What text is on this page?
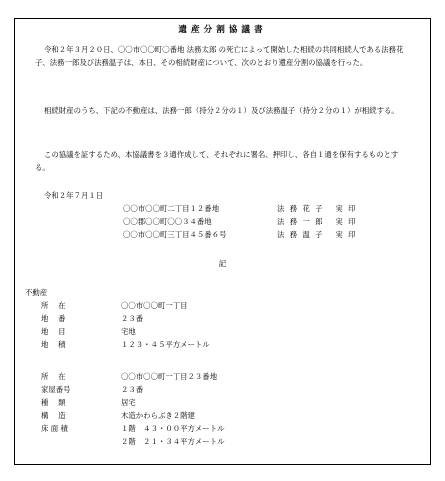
遺産分割協議書
令和２年３月２０日、〇〇市〇〇町〇番地 法務太郎 の死亡によって開始した相続の共同相続人である法務花子、法務一郎及び法務温子は、本日、その相続財産について、次のとおり遺産分割の協議を行った。
相続財産のうち、下記の不動産は、法務一郎（持分２分の１）及び法務温子（持分２分の１）が相続する。
この協議を証するため、本協議書を３通作成して、それぞれに署名、押印し、各自１通を保有するものとする。
令和２年７月１日
〇〇市〇〇町二丁目１２番地	法務花子 実印
〇〇郡〇〇町〇〇３４番地	法務一郎 実印
〇〇市〇〇町三丁目４５番６号	法務温子 実印
記
不動産
所　 在	〇〇市〇〇町一丁目
地　 番	２３番
地　 目	宅地
地　 積	１２３・４５平方メートル
所　 在	〇〇市〇〇町一丁目２３番地
家屋番号	２３番
種　 類	居宅
構　 造	木造かわらぶき２階建
床 面 積	１階　４３・００平方メートル
２階　２１・３４平方メートル
